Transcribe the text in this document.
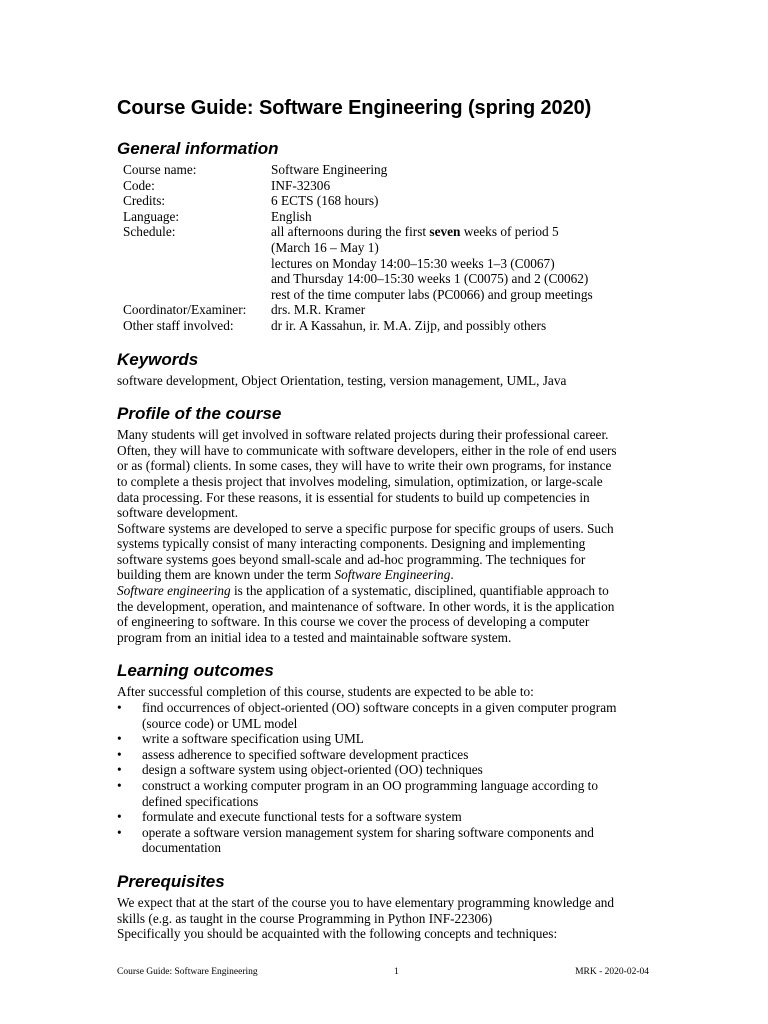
Course Guide: Software Engineering (spring 2020)
General information
Course name:	Software Engineering
Code:	INF-32306
Credits:	6 ECTS (168 hours)
Language:	English
Schedule:	all afternoons during the first seven weeks of period 5
(March 16 – May 1)
lectures on Monday 14:00–15:30 weeks 1–3 (C0067)
and Thursday 14:00–15:30 weeks 1 (C0075) and 2 (C0062)
rest of the time computer labs (PC0066) and group meetings
Coordinator/Examiner:	drs. M.R. Kramer
Other staff involved:	dr ir. A Kassahun, ir. M.A. Zijp, and possibly others
Keywords

software development, Object Orientation, testing, version management, UML, Java

Profile of the course
Many students will get involved in software related projects during their professional career.
Often, they will have to communicate with software developers, either in the role of end users
or as (formal) clients. In some cases, they will have to write their own programs, for instance
to complete a thesis project that involves modeling, simulation, optimization, or large-scale
data processing. For these reasons, it is essential for students to build up competencies in
software development.
Software systems are developed to serve a specific purpose for specific groups of users. Such
systems typically consist of many interacting components. Designing and implementing
software systems goes beyond small-scale and ad-hoc programming. The techniques for
building them are known under the term Software Engineering.
Software engineering is the application of a systematic, disciplined, quantifiable approach to
the development, operation, and maintenance of software. In other words, it is the application
of engineering to software. In this course we cover the process of developing a computer
program from an initial idea to a tested and maintainable software system.
Learning outcomes

After successful completion of this course, students are expected to be able to:

• find occurrences of object-oriented (OO) software concepts in a given computer program
(source code) or UML model
• write a software specification using UML
• assess adherence to specified software development practices
• design a software system using object-oriented (OO) techniques
• construct a working computer program in an OO programming language according to
defined specifications
• formulate and execute functional tests for a software system
• operate a software version management system for sharing software components and
documentation
Prerequisites
We expect that at the start of the course you to have elementary programming knowledge and
skills (e.g. as taught in the course Programming in Python INF-22306)
Specifically you should be acquainted with the following concepts and techniques:
Course Guide: Software Engineering	1	MRK - 2020-02-04
